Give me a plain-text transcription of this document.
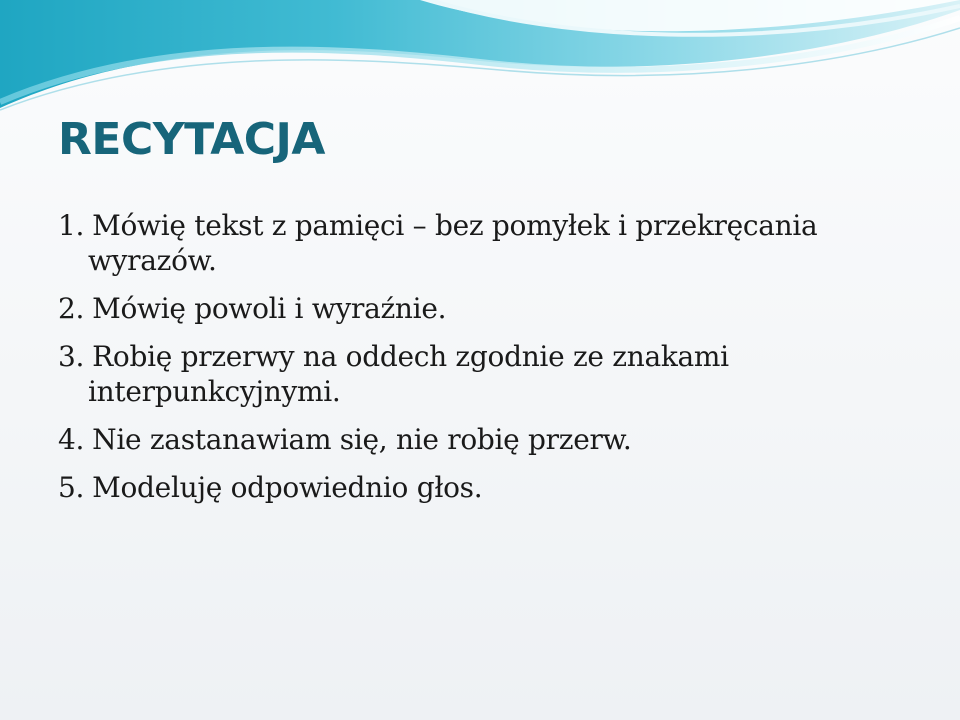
RECYTACJA
1. Mówię tekst z pamięci – bez pomyłek i przekręcania wyrazów.
2. Mówię powoli i wyraźnie.
3. Robię przerwy na oddech zgodnie ze znakami interpunkcyjnymi.
4. Nie zastanawiam się, nie robię przerw.
5. Modeluję odpowiednio głos.
